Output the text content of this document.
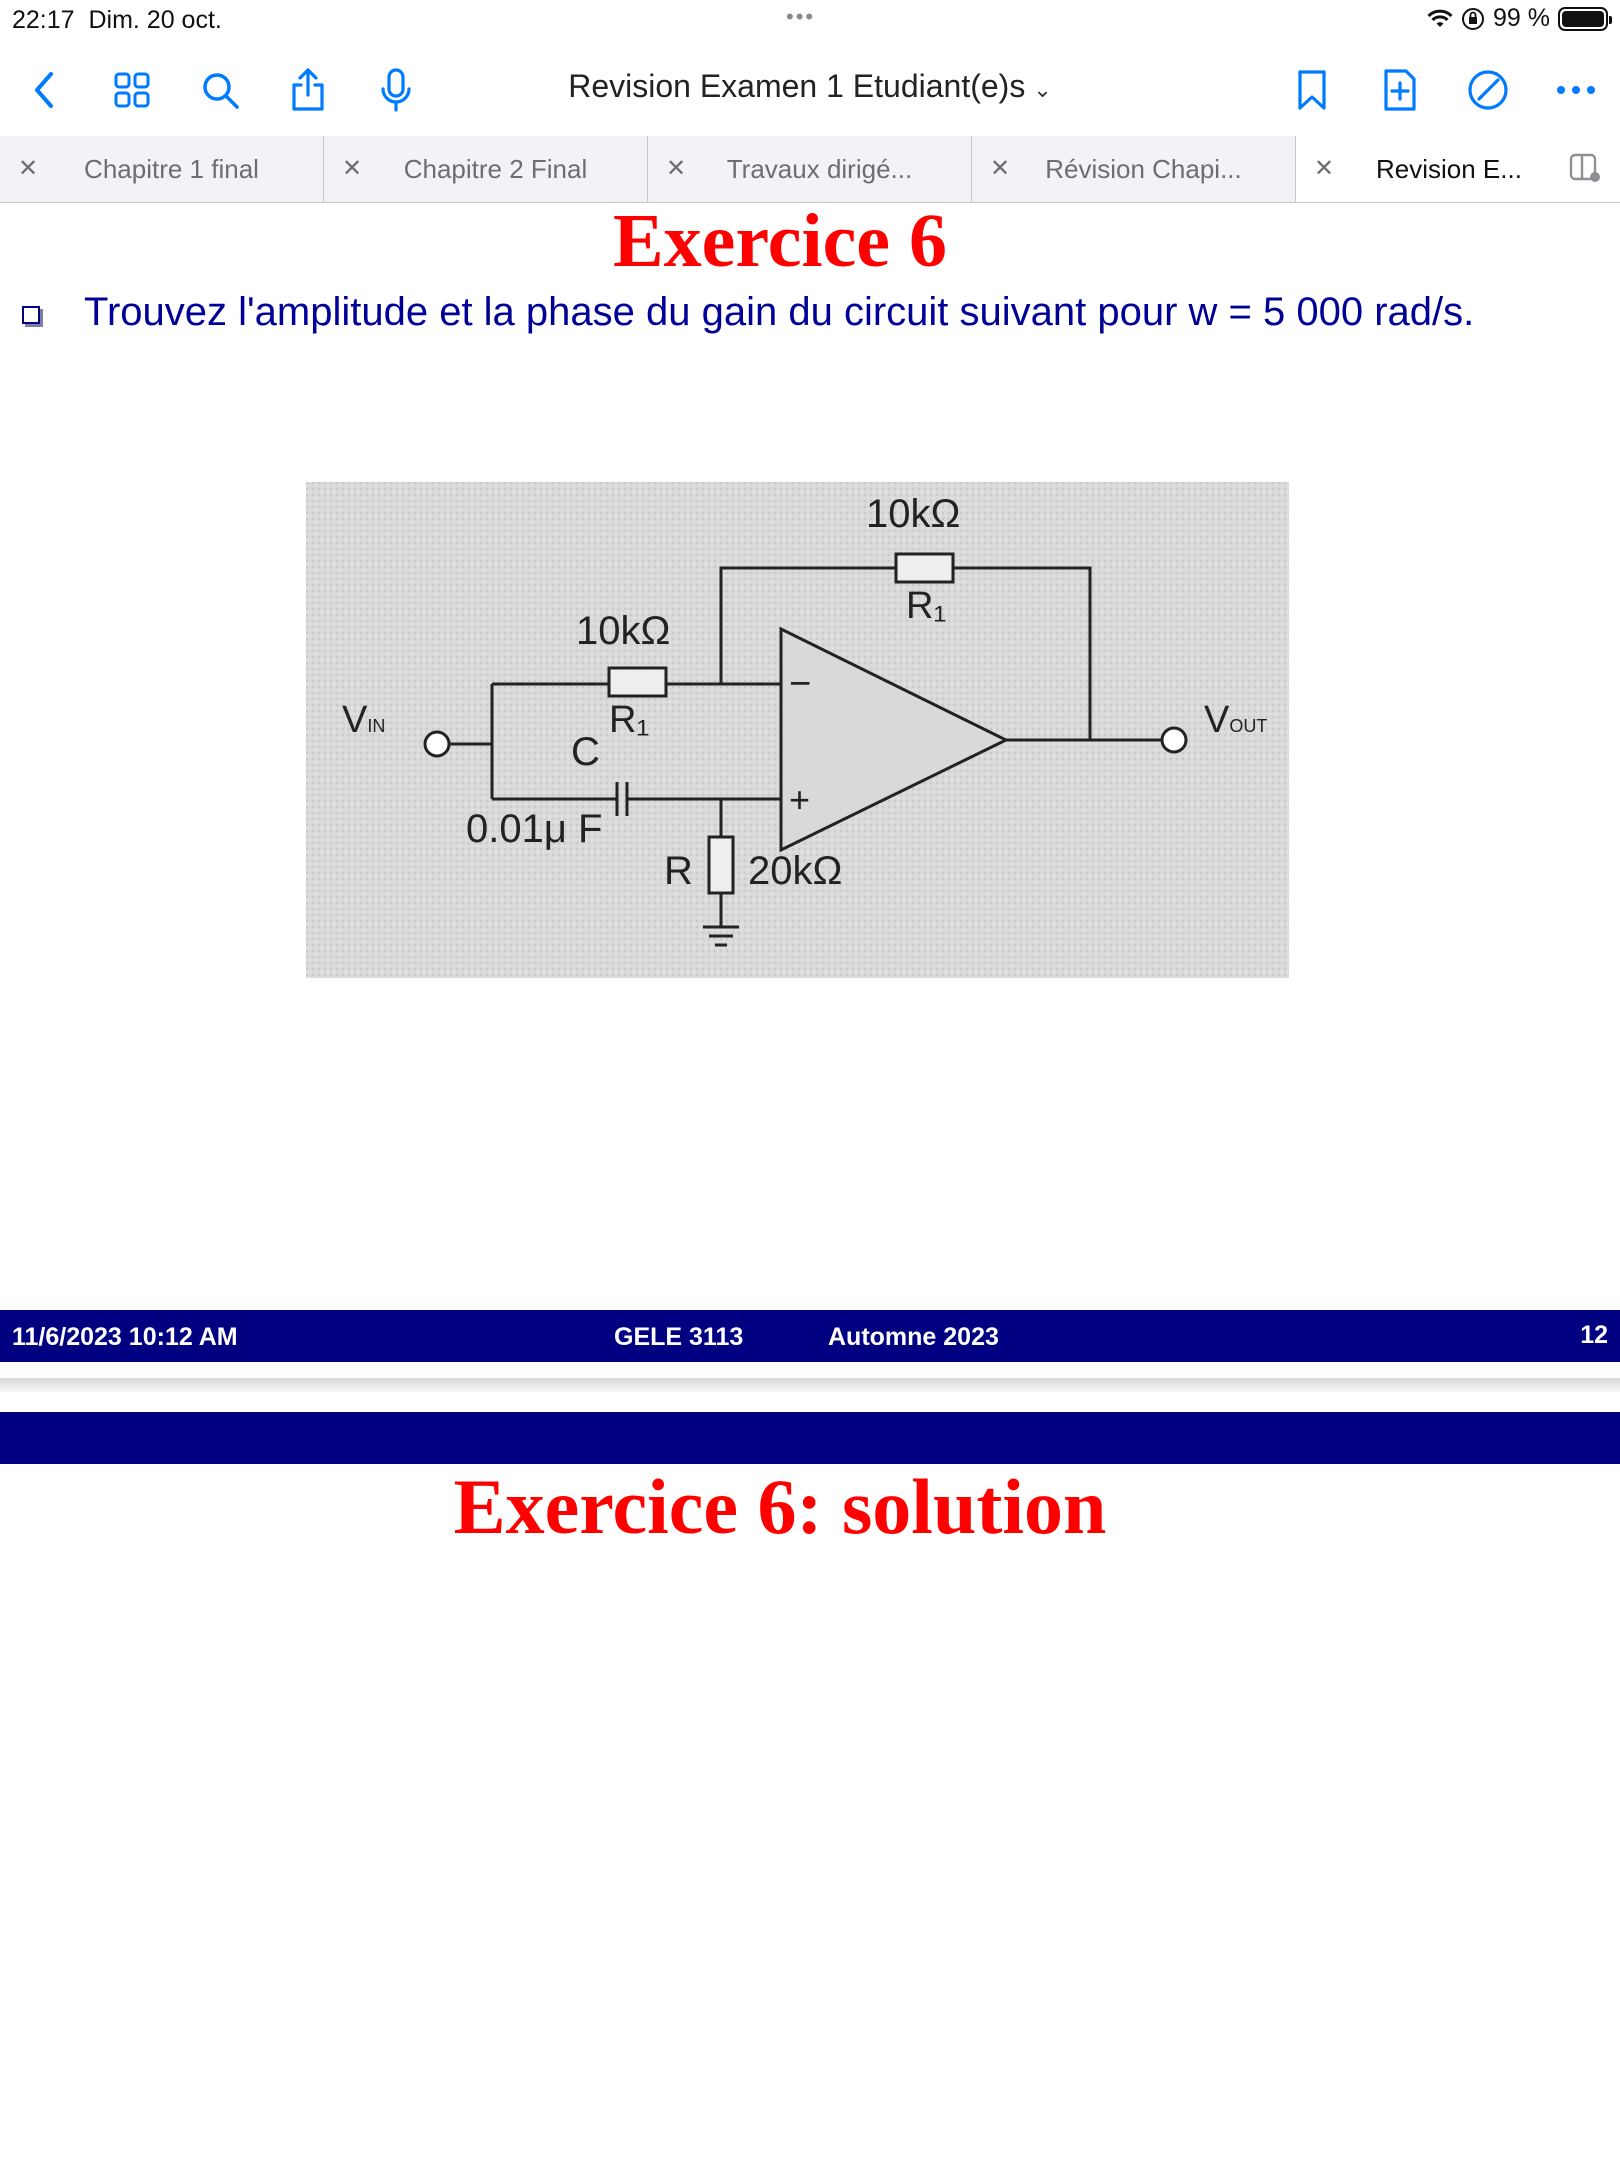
22:17 Dim. 20 oct.	•••	99 %
Revision Examen 1 Etudiant(e)s ⌄
✕	Chapitre 1 final	✕	Chapitre 2 Final	✕	Travaux dirigé...	✕	Révision Chapi...	✕	Revision E...
Exercice 6
Trouvez l'amplitude et la phase du gain du circuit suivant pour w = 5 000 rad/s.
10kΩ
R₁
10kΩ
R₁
C
0.01μ F
R 20kΩ
VIN	VOUT
−
+
11/6/2023 10:12 AM	GELE 3113	Automne 2023	12
Exercice 6: solution
